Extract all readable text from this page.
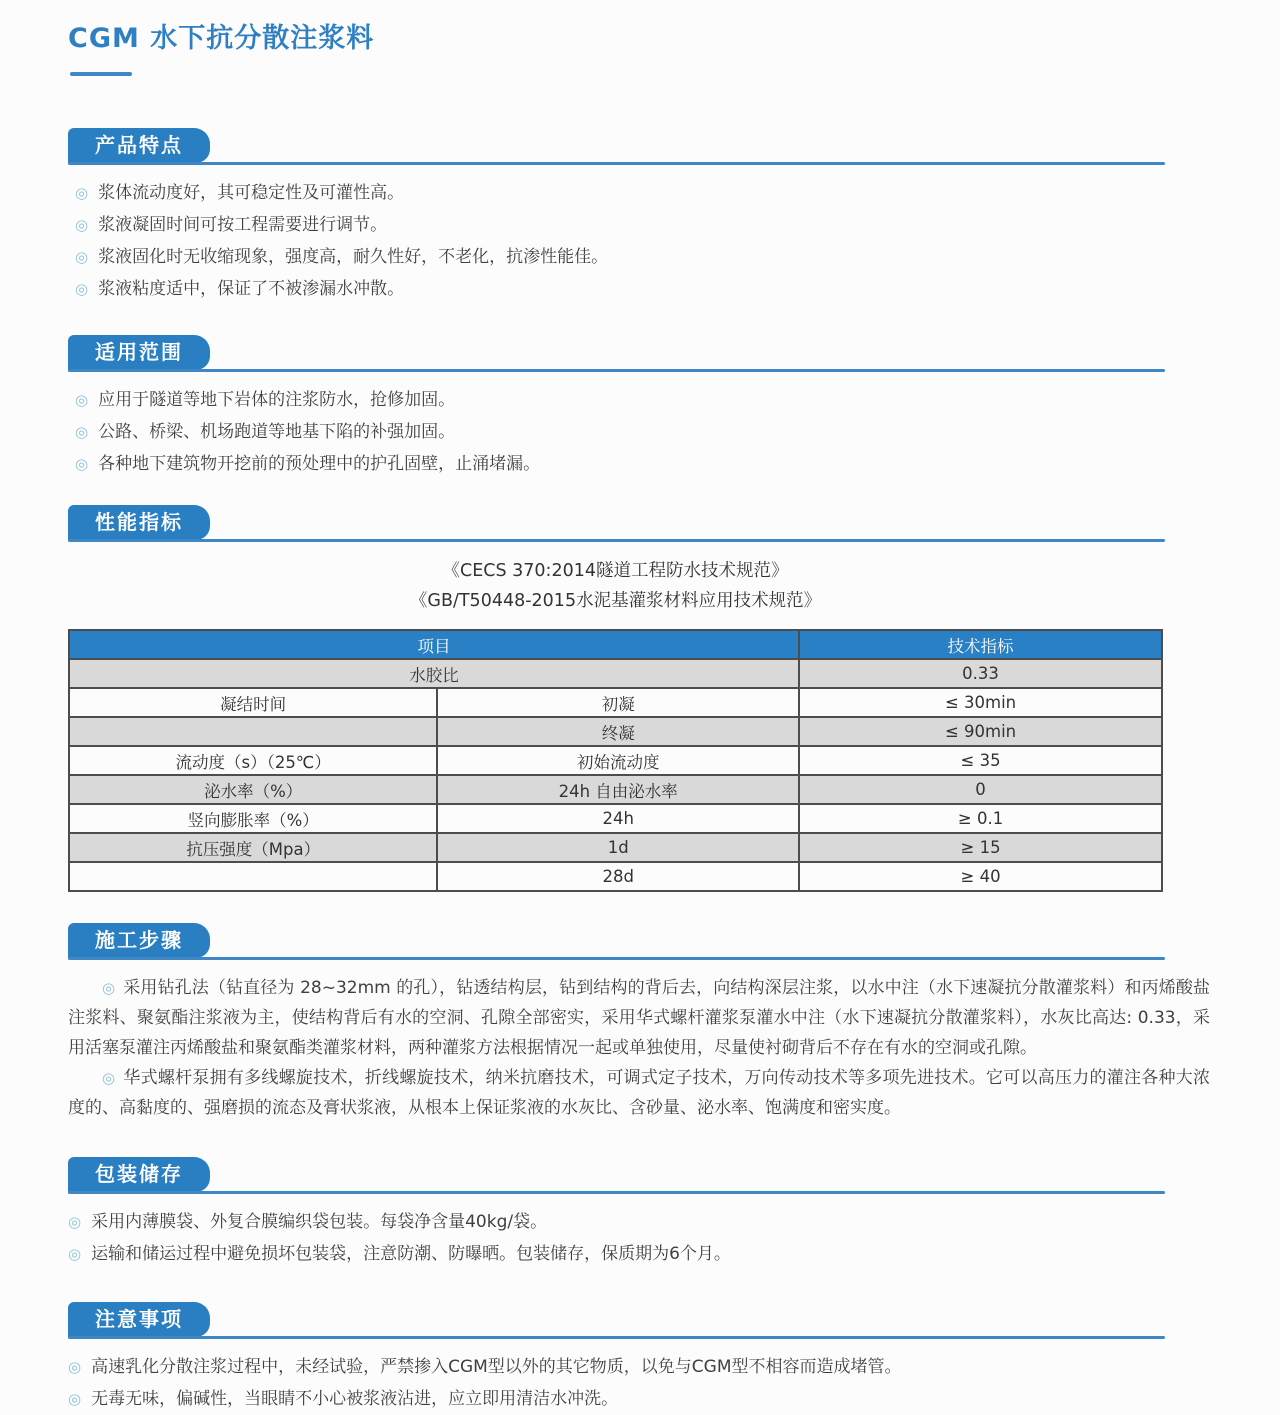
CGM 水下抗分散注浆料
产品特点
◎ 浆体流动度好，其可稳定性及可灌性高。
◎ 浆液凝固时间可按工程需要进行调节。
◎ 浆液固化时无收缩现象，强度高，耐久性好，不老化，抗渗性能佳。
◎ 浆液粘度适中，保证了不被渗漏水冲散。
适用范围
◎ 应用于隧道等地下岩体的注浆防水，抢修加固。
◎ 公路、桥梁、机场跑道等地基下陷的补强加固。
◎ 各种地下建筑物开挖前的预处理中的护孔固壁，止涌堵漏。
性能指标

《CECS 370:2014隧道工程防水技术规范》

《GB/T50448-2015水泥基灌浆材料应用技术规范》

项目		技术指标
水胶比		0.33
凝结时间	初凝	≤ 30min
	终凝	≤ 90min
流动度（s）（25℃）	初始流动度	≤ 35
泌水率（%）	24h 自由泌水率	0
竖向膨胀率（%）	24h	≥ 0.1
抗压强度（Mpa）	1d	≥ 15
	28d	≥ 40
施工步骤

◎ 采用钻孔法（钻直径为 28~32mm 的孔），钻透结构层，钻到结构的背后去，向结构深层注浆，以水中注（水下速凝抗分散灌浆料）和丙烯酸盐注浆料、聚氨酯注浆液为主，使结构背后有水的空洞、孔隙全部密实，采用华式螺杆灌浆泵灌水中注（水下速凝抗分散灌浆料），水灰比高达: 0.33，采用活塞泵灌注丙烯酸盐和聚氨酯类灌浆材料，两种灌浆方法根据情况一起或单独使用，尽量使衬砌背后不存在有水的空洞或孔隙。

◎ 华式螺杆泵拥有多线螺旋技术，折线螺旋技术，纳米抗磨技术，可调式定子技术，万向传动技术等多项先进技术。它可以高压力的灌注各种大浓度的、高黏度的、强磨损的流态及膏状浆液，从根本上保证浆液的水灰比、含砂量、泌水率、饱满度和密实度。

包装储存
◎ 采用内薄膜袋、外复合膜编织袋包装。每袋净含量40kg/袋。
◎ 运输和储运过程中避免损坏包装袋，注意防潮、防曝晒。包装储存，保质期为6个月。
注意事项
◎ 高速乳化分散注浆过程中，未经试验，严禁掺入CGM型以外的其它物质，以免与CGM型不相容而造成堵管。
◎ 无毒无味，偏碱性，当眼睛不小心被浆液沾进，应立即用清洁水冲洗。
